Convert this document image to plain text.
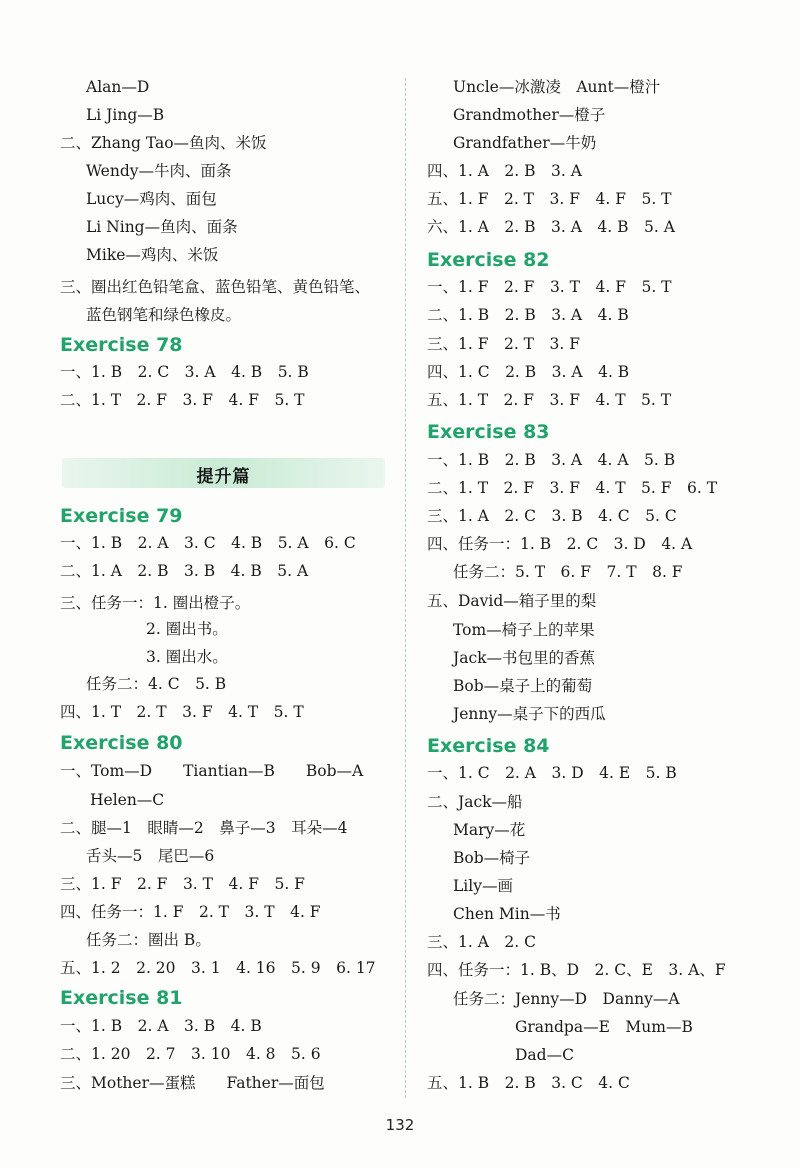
Alan—D
Li Jing—B
二、Zhang Tao—鱼肉、米饭
Wendy—牛肉、面条
Lucy—鸡肉、面包
Li Ning—鱼肉、面条
Mike—鸡肉、米饭
三、圈出红色铅笔盒、蓝色铅笔、黄色铅笔、
蓝色钢笔和绿色橡皮。
Exercise 78
一、1. B　2. C　3. A　4. B　5. B
二、1. T　2. F　3. F　4. F　5. T
Exercise 79
一、1. B　2. A　3. C　4. B　5. A　6. C
二、1. A　2. B　3. B　4. B　5. A
三、任务一：1. 圈出橙子。
2. 圈出书。
3. 圈出水。
任务二：4. C　5. B
四、1. T　2. T　3. F　4. T　5. T
Exercise 80
一、Tom—D　　Tiantian—B　　Bob—A
Helen—C
二、腿—1　眼睛—2　鼻子—3　耳朵—4
舌头—5　尾巴—6
三、1. F　2. F　3. T　4. F　5. F
四、任务一：1. F　2. T　3. T　4. F
任务二：圈出 B。
五、1. 2　2. 20　3. 1　4. 16　5. 9　6. 17
Exercise 81
一、1. B　2. A　3. B　4. B
二、1. 20　2. 7　3. 10　4. 8　5. 6
三、Mother—蛋糕　　Father—面包
提升篇
Uncle—冰激凌　Aunt—橙汁
Grandmother—橙子
Grandfather—牛奶
四、1. A　2. B　3. A
五、1. F　2. T　3. F　4. F　5. T
六、1. A　2. B　3. A　4. B　5. A
Exercise 82
一、1. F　2. F　3. T　4. F　5. T
二、1. B　2. B　3. A　4. B
三、1. F　2. T　3. F
四、1. C　2. B　3. A　4. B
五、1. T　2. F　3. F　4. T　5. T
Exercise 83
一、1. B　2. B　3. A　4. A　5. B
二、1. T　2. F　3. F　4. T　5. F　6. T
三、1. A　2. C　3. B　4. C　5. C
四、任务一：1. B　2. C　3. D　4. A
任务二：5. T　6. F　7. T　8. F
五、David—箱子里的梨
Tom—椅子上的苹果
Jack—书包里的香蕉
Bob—桌子上的葡萄
Jenny—桌子下的西瓜
Exercise 84
一、1. C　2. A　3. D　4. E　5. B
二、Jack—船
Mary—花
Bob—椅子
Lily—画
Chen Min—书
三、1. A　2. C
四、任务一：1. B、D　2. C、E　3. A、F
任务二：Jenny—D　Danny—A
Grandpa—E　Mum—B
Dad—C
五、1. B　2. B　3. C　4. C
132
